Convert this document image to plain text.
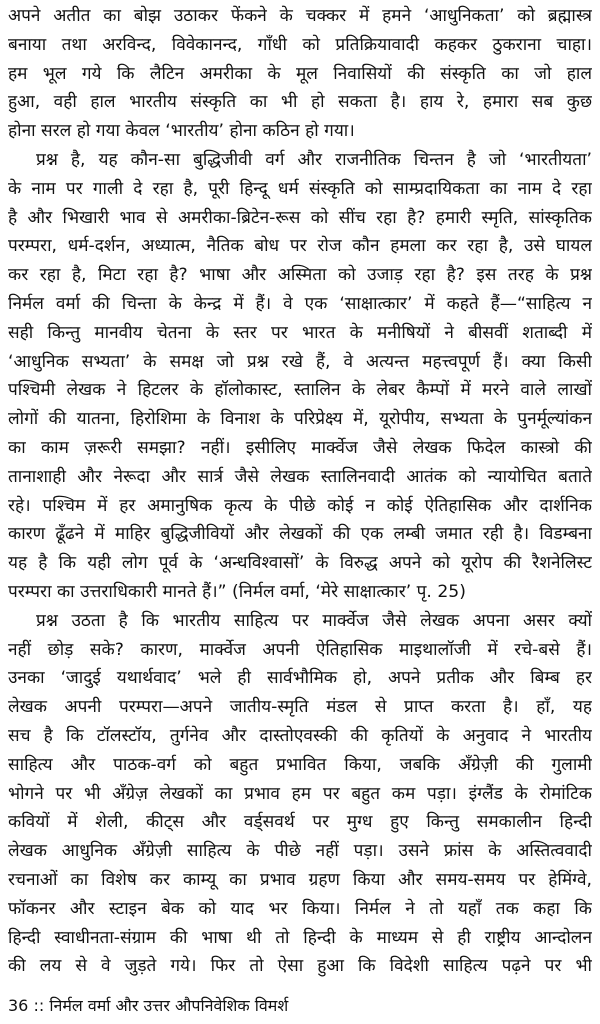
अपने अतीत का बोझ उठाकर फेंकने के चक्कर में हमने ‘आधुनिकता’ को ब्रह्मास्त्र
बनाया तथा अरविन्द, विवेकानन्द, गाँधी को प्रतिक्रियावादी कहकर ठुकराना चाहा।
हम भूल गये कि लैटिन अमरीका के मूल निवासियों की संस्कृति का जो हाल
हुआ, वही हाल भारतीय संस्कृति का भी हो सकता है। हाय रे, हमारा सब कुछ
होना सरल हो गया केवल ‘भारतीय’ होना कठिन हो गया।
प्रश्न है, यह कौन-सा बुद्धिजीवी वर्ग और राजनीतिक चिन्तन है जो ‘भारतीयता’
के नाम पर गाली दे रहा है, पूरी हिन्दू धर्म संस्कृति को साम्प्रदायिकता का नाम दे रहा
है और भिखारी भाव से अमरीका-ब्रिटेन-रूस को सींच रहा है? हमारी स्मृति, सांस्कृतिक
परम्परा, धर्म-दर्शन, अध्यात्म, नैतिक बोध पर रोज कौन हमला कर रहा है, उसे घायल
कर रहा है, मिटा रहा है? भाषा और अस्मिता को उजाड़ रहा है? इस तरह के प्रश्न
निर्मल वर्मा की चिन्ता के केन्द्र में हैं। वे एक ‘साक्षात्कार’ में कहते हैं—“साहित्य न
सही किन्तु मानवीय चेतना के स्तर पर भारत के मनीषियों ने बीसवीं शताब्दी में
‘आधुनिक सभ्यता’ के समक्ष जो प्रश्न रखे हैं, वे अत्यन्त महत्त्वपूर्ण हैं। क्या किसी
पश्चिमी लेखक ने हिटलर के हॉलोकास्ट, स्तालिन के लेबर कैम्पों में मरने वाले लाखों
लोगों की यातना, हिरोशिमा के विनाश के परिप्रेक्ष्य में, यूरोपीय, सभ्यता के पुनर्मूल्यांकन
का काम ज़रूरी समझा? नहीं। इसीलिए मार्क्वेज जैसे लेखक फिदेल कास्त्रो की
तानाशाही और नेरूदा और सार्त्र जैसे लेखक स्तालिनवादी आतंक को न्यायोचित बताते
रहे। पश्चिम में हर अमानुषिक कृत्य के पीछे कोई न कोई ऐतिहासिक और दार्शनिक
कारण ढूँढने में माहिर बुद्धिजीवियों और लेखकों की एक लम्बी जमात रही है। विडम्बना
यह है कि यही लोग पूर्व के ‘अन्धविश्वासों’ के विरुद्ध अपने को यूरोप की रैशनेलिस्ट
परम्परा का उत्तराधिकारी मानते हैं।” (निर्मल वर्मा, ‘मेरे साक्षात्कार’ पृ. 25)
प्रश्न उठता है कि भारतीय साहित्य पर मार्क्वेज जैसे लेखक अपना असर क्यों
नहीं छोड़ सके? कारण, मार्क्वेज अपनी ऐतिहासिक माइथालॉजी में रचे-बसे हैं।
उनका ‘जादुई यथार्थवाद’ भले ही सार्वभौमिक हो, अपने प्रतीक और बिम्ब हर
लेखक अपनी परम्परा—अपने जातीय-स्मृति मंडल से प्राप्त करता है। हाँ, यह
सच है कि टॉलस्टॉय, तुर्गनेव और दास्तोएवस्की की कृतियों के अनुवाद ने भारतीय
साहित्य और पाठक-वर्ग को बहुत प्रभावित किया, जबकि अँग्रेज़ी की गुलामी
भोगने पर भी अँग्रेज़ लेखकों का प्रभाव हम पर बहुत कम पड़ा। इंग्लैंड के रोमांटिक
कवियों में शेली, कीट्स और वर्ड्सवर्थ पर मुग्ध हुए किन्तु समकालीन हिन्दी
लेखक आधुनिक अँग्रेज़ी साहित्य के पीछे नहीं पड़ा। उसने फ्रांस के अस्तित्ववादी
रचनाओं का विशेष कर काम्यू का प्रभाव ग्रहण किया और समय-समय पर हेमिंग्वे,
फॉकनर और स्टाइन बेक को याद भर किया। निर्मल ने तो यहाँ तक कहा कि
हिन्दी स्वाधीनता-संग्राम की भाषा थी तो हिन्दी के माध्यम से ही राष्ट्रीय आन्दोलन
की लय से वे जुड़ते गये। फिर तो ऐसा हुआ कि विदेशी साहित्य पढ़ने पर भी
36 :: निर्मल वर्मा और उत्तर औपनिवेशिक विमर्श
